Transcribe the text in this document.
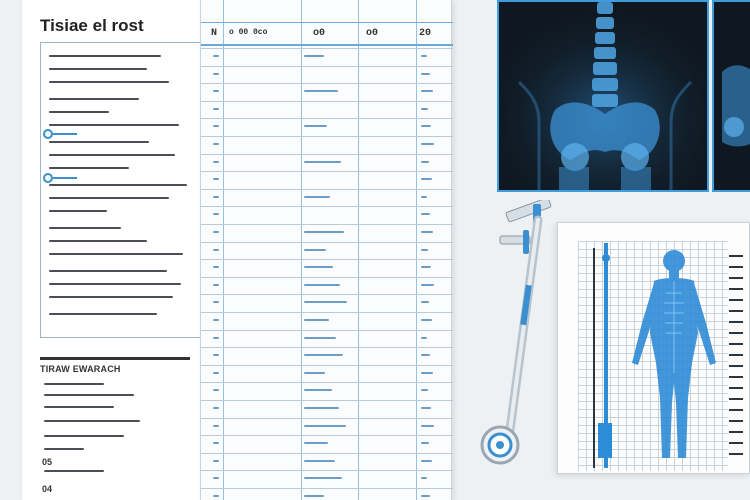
Tisiae el rost
TIRAW EWARACH
05
04
N o 00 0co	o0	o0	20
